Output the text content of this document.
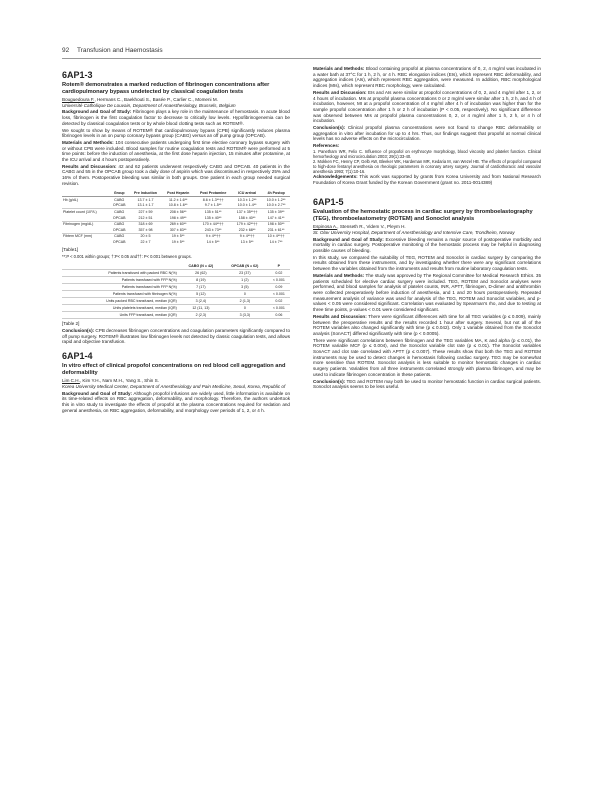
92 Transfusion and Haemostasis
6AP1-3
Rotem® demonstrates a marked reduction of fibrinogen concentrations after cardiopulmonary bypass undetected by classical coagulation tests
Bouguedoura F., Hermans C., Baekhouti S., Basée P., Carlier C., Momeni M.
Université Catholique De Louvain, Department of Anaesthesiology, Brussels, Belgium

Background and Goal of Study: Fibrinogen plays a key role in the maintenance of hemostasis. In acute blood loss, fibrinogen is the first coagulation factor to decrease to critically low levels. Hypofibrinogenemia can be detected by classical coagulation tests or by whole blood clotting tests such as ROTEM®.

We sought to show by means of ROTEM® that cardiopulmonary bypass (CPB) significantly reduces plasma fibrinogen levels in an on pump coronary bypass group (CABG) versus an off pump group (OPCAB).

Materials and Methods: 104 consecutive patients undergoing first time elective coronary bypass surgery with or without CPB were included. Blood samples for routine coagulation tests and ROTEM® were performed at 5 time points: before the induction of anesthesia, at the first dose heparin injection, 15 minutes after protamine, at the ICU arrival and 4 hours postoperatively.

Results and Discussion: 42 and 62 patients underwent respectively CABG and OPCAB. 40 patients in the CABG and 55 in the OPCAB group took a daily dose of aspirin which was discontinued in respectively 25% and 16% of them. Postoperative bleeding was similar in both groups. One patient in each group needed surgical revision.

	Group	Pre Induction	Post Heparin	Post Protamine	ICU arrival	4h Postop
Hb (g/dL)	CABG	13.7 ± 1.7	11.2 ± 1.6**	8.6 ± 1.3**††	10.3 ± 1.2**	10.0 ± 1.2**
	OPCAB	13.1 ± 1.7	10.8 ± 1.6**	9.7 ± 1.5**	10.0 ± 1.4**	10.0 ± 2.7**
Platelet count (10⁹/L)	CABG	227 ± 59	208 ± 56**	135 ± 51**	137 ± 35**††	135 ± 39**
	OPCAB	212 ± 51	198 ± 49**	135 ± 40**	158 ± 40**	147 ± 41**
Fibrinogen (mg/dL)	CABG	318 ± 69	269 ± 60**	170 ± 44**††	179 ± 42**††	198 ± 50**
	OPCAB	357 ± 98	307 ± 83**	243 ± 73**	232 ± 68**	231 ± 61**
Fibtem MCF (mm)	CABG	20 ± 5	19 ± 5**	9 ± 4**††	9 ± 4**††	10 ± 4**††
	OPCAB	22 ± 7	19 ± 5**	14 ± 5**	13 ± 5**	14 ± 7**
[Table1]
**:P < 0.001 within groups; †:P< 0.05 and††: P< 0.001 between groups.
	CABG (N = 42)	OPCAB (N = 62)	P
Patients transfused with packed RBC N(%)	26 (62)	23 (37)	0.02
Patients transfused with FFP N(%)	8 (19)	1 (2)	< 0.001
Patients transfused with FFP N(%)	7 (17)	3 (5)	0.09
Patients transfused with fibrinogen N(%)	5 (12)	0	< 0.001
Units packed RBC transfused, median (IQR)	3 (2,4)	2 (1,3)	0.02
Units platelets transfused, median (IQR)	12 (11, 13)	0	< 0.001
Units FFP transfused, median (IQR)	2 (2,3)	3 (3,3)	0.06
[Table 2]

Conclusion(s): CPB decreases fibrinogen concentrations and coagulation parameters significantly compared to off pump surgery. ROTEM® illustrates low fibrinogen levels not detected by classic coagulation tests, and allows rapid and objective transfusion.

6AP1-4
In vitro effect of clinical propofol concentrations on red blood cell aggregation and deformability
Lim C.H., Kim Y.H., Nam M.H., Yang S., Shin S.
Korea University Medical Center, Department of Anesthesiology and Pain Medicine, Seoul, Korea, Republic of

Background and Goal of Study: Although propofol infusions are widely used, little information is available on its time-related effects on RBC aggregation, deformability, and morphology. Therefore, the authors undertook this in vitro study to investigate the effects of propofol at the plasma concentrations required for sedation and general anesthesia, on RBC aggregation, deformability, and morphology over periods of 1, 2, or 4 h.

Materials and Methods: Blood containing propofol at plasma concentrations of 0, 2, 4 mg/ml was incubated in a water bath at 37°C for 1 h, 2 h, or 4 h. RBC elongation indices (EIs), which represent RBC deformability, and aggregation indices (AIs), which represent RBC aggregation, were measured. In addition, RBC morphological indices (MIs), which represent RBC morphology, were calculated.

Results and Discussion: EIs and AIs were similar at propofol concentrations of 0, 2, and 4 mg/ml after 1, 2, or 4 hours of incubation. MIs at propofol plasma concentrations 0 or 2 mg/ml were similar after 1 h, 2 h, and 4 h of incubation, however, MI at a propofol concentration of 4 mg/ml after 4 h of incubation was higher than for the sample propofol concentration after 1 h or 2 h of incubation (P < 0.05, respectively). No significant difference was observed between MIs at propofol plasma concentrations 0, 2, or 4 mg/ml after 1 h, 2 h, or 4 h of incubation.

Conclusion(s): Clinical propofol plasma concentrations were not found to change RBC deformability or aggregation in vitro after incubation for up to 4 hrs. Thus, our findings suggest that propofol at normal clinical levels has no adverse effects on the microcirculation.

References:
1. Panetham WR, Felix C. Influence of propofol on erythrocyte morphology, blood viscosity and platelet function. Clinical hemorheology and microcirculation 2003; 29(1):33-40.
2. Mokken FC, Henny CP, Gelb AW, Bleeker WK, Hardeman MR, Kedaria M, van Wezel HB. The effects of propofol compared to high-dose fentanyl anesthesia on rheologic parameters in coronary artery surgery. Journal of cardiothoracic and vascular anesthesia 1993; 7(1):10-16.

Acknowledgements: This work was supported by grants from Korea University and from National Research Foundation of Korea Grant funded by the Korean Government (grant no. 2011-0014389)

6AP1-5
Evaluation of the hemostatic process in cardiac surgery by thromboelastography (TEG), thromboelastometry (ROTEM) and Sonoclot analysis
Espinosa A., Stenseth R., Videm V., Pleym H.
St. Olav University Hospital, Department of Anesthesiology and Intensive Care, Trondheim, Norway

Background and Goal of Study: Excessive bleeding remains a major source of postoperative morbidity and mortality in cardiac surgery. Postoperative monitoring of the hemostatic process may be helpful in diagnosing possible causes of bleeding.

In this study, we compared the suitability of TEG, ROTEM and Sonoclot in cardiac surgery by comparing the results obtained from these instruments, and by investigating whether there were any significant correlations between the variables obtained from the instruments and results from routine laboratory coagulation tests.

Materials and Methods: The study was approved by The Regional Committee for Medical Research Ethics. 35 patients scheduled for elective cardiac surgery were included. TEG, ROTEM and Sonoclot analyses were performed, and blood samples for analysis of platelet counts, INR, APTT, fibrinogen, D-dimer and antithrombin were collected preoperatively before induction of anesthesia, and 1 and 20 hours postoperatively. Repeated measurement analysis of variance was used for analysis of the TEG, ROTEM and Sonoclot variables, and p-values < 0.05 were considered significant. Correlation was evaluated by Spearman's rho, and due to testing at three time points, p-values < 0.01 were considered significant.

Results and Discussion: There were significant differences with time for all TEG variables (p ≤ 0.009), mainly between the preoperative results and the results recorded 1 hour after surgery. Several, but not all of the ROTEM variables also changed significantly with time (p ≤ 0.042). Only 1 variable obtained from the Sonoclot analysis (SonACT) differed significantly with time (p < 0.0005).

There were significant correlations between fibrinogen and the TEG variables MA, K and alpha (p ≤ 0.01), the ROTEM variable MCF (p ≤ 0.004), and the Sonoclot variable clot rate (p ≤ 0.01). The Sonoclot variables SonACT and clot rate correlated with APTT (p ≤ 0.007). These results show that both the TEG and ROTEM instruments may be used to detect changes in hemostasis following cardiac surgery. TEG may be somewhat more sensitive than ROTEM. Sonoclot analysis is less suitable to monitor hemostatic changes in cardiac surgery patients. Variables from all three instruments correlated strongly with plasma fibrinogen, and may be used to indicate fibrinogen concentration in these patients.

Conclusion(s): TEG and ROTEM may both be used to monitor hemostatic function in cardiac surgical patients. Sonoclot analysis seems to be less useful.
